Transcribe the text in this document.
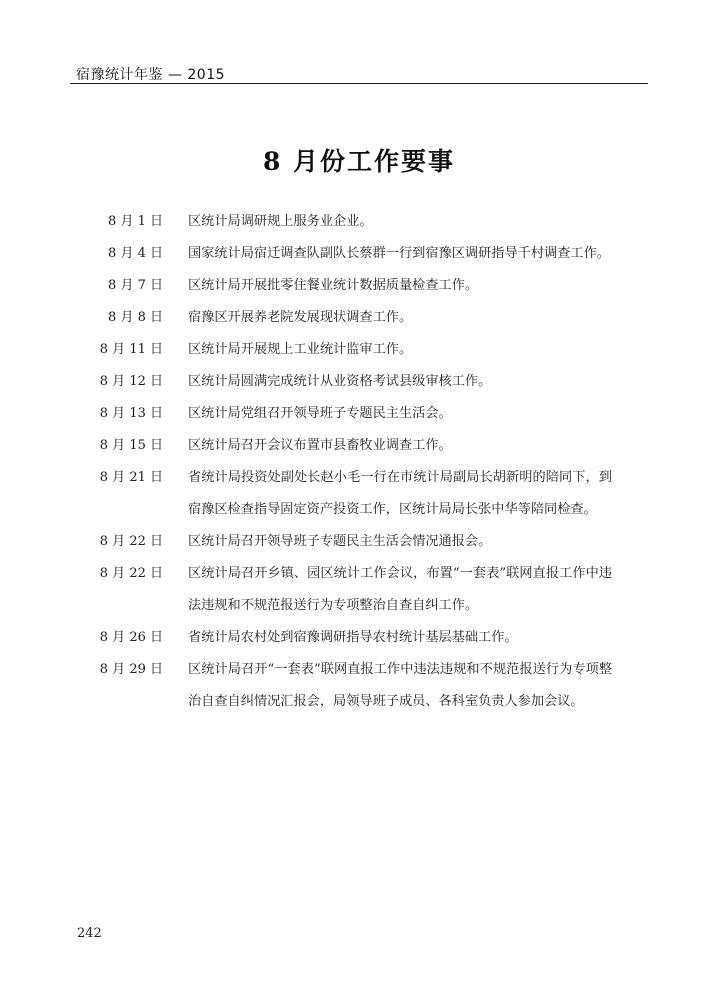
宿豫统计年鉴 — 2015
8 月份工作要事
8 月 1 日 区统计局调研规上服务业企业。
8 月 4 日 国家统计局宿迁调查队副队长蔡群一行到宿豫区调研指导千村调查工作。
8 月 7 日 区统计局开展批零住餐业统计数据质量检查工作。
8 月 8 日 宿豫区开展养老院发展现状调查工作。
8 月 11 日 区统计局开展规上工业统计监审工作。
8 月 12 日 区统计局圆满完成统计从业资格考试县级审核工作。
8 月 13 日 区统计局党组召开领导班子专题民主生活会。
8 月 15 日 区统计局召开会议布置市县畜牧业调查工作。
8 月 21 日 省统计局投资处副处长赵小毛一行在市统计局副局长胡新明的陪同下，到宿豫区检查指导固定资产投资工作，区统计局局长张中华等陪同检查。
8 月 22 日 区统计局召开领导班子专题民主生活会情况通报会。
8 月 22 日 区统计局召开乡镇、园区统计工作会议，布置“一套表”联网直报工作中违法违规和不规范报送行为专项整治自查自纠工作。
8 月 26 日 省统计局农村处到宿豫调研指导农村统计基层基础工作。
8 月 29 日 区统计局召开“一套表”联网直报工作中违法违规和不规范报送行为专项整治自查自纠情况汇报会，局领导班子成员、各科室负责人参加会议。
242
